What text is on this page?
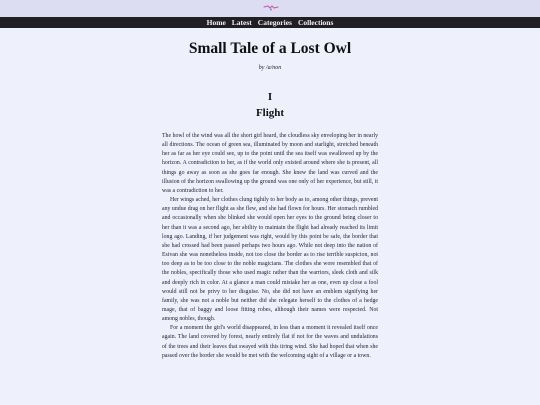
Home Latest Categories Collections
Small Tale of a Lost Owl
by /a/non
I
Flight

The howl of the wind was all the short girl heard, the cloudless sky enveloping her in nearly all directions. The ocean of green sea, illuminated by moon and starlight, stretched beneath her as far as her eye could see, up to the point until the sea itself was swallowed up by the horizon. A contradiction to her, as if the world only existed around where she is present, all things go away as soon as she goes far enough. She knew the land was curved and the illusion of the horizon swallowing up the ground was one only of her experience, but still, it was a contradiction to her.

Her wings ached, her clothes clung tightly to her body as to, among other things, prevent any undue drag on her flight as she flew, and she had flown for hours. Her stomach rumbled and occasionally when she blinked she would open her eyes to the ground being closer to her than it was a second ago, her ability to maintain the flight had already reached its limit long ago. Landing, if her judgement was right, would by this point be safe, the border that she had crossed had been passed perhaps two hours ago. While not deep into the nation of Esivan she was nonetheless inside, not too close the border as to rise terrible suspicion, not too deep as to be too close to the noble magicians. The clothes she wore resembled that of the nobles, specifically those who used magic rather than the warriors, sleek cloth and silk and deeply rich in color. At a glance a man could mistake her as one, even up close a fool would still not be privy to her disguise. No, she did not have an emblem signifying her family, she was not a noble but neither did she relegate herself to the clothes of a hedge mage, that of baggy and loose fitting robes, although their names were respected. Not among nobles, though.

For a moment the girl's world disappeared, in less than a moment it revealed itself once again. The land covered by forest, nearly entirely flat if not for the waves and undulations of the trees and their leaves that swayed with this tiring wind. She had hoped that when she passed over the border she would be met with the welcoming sight of a village or a town.
